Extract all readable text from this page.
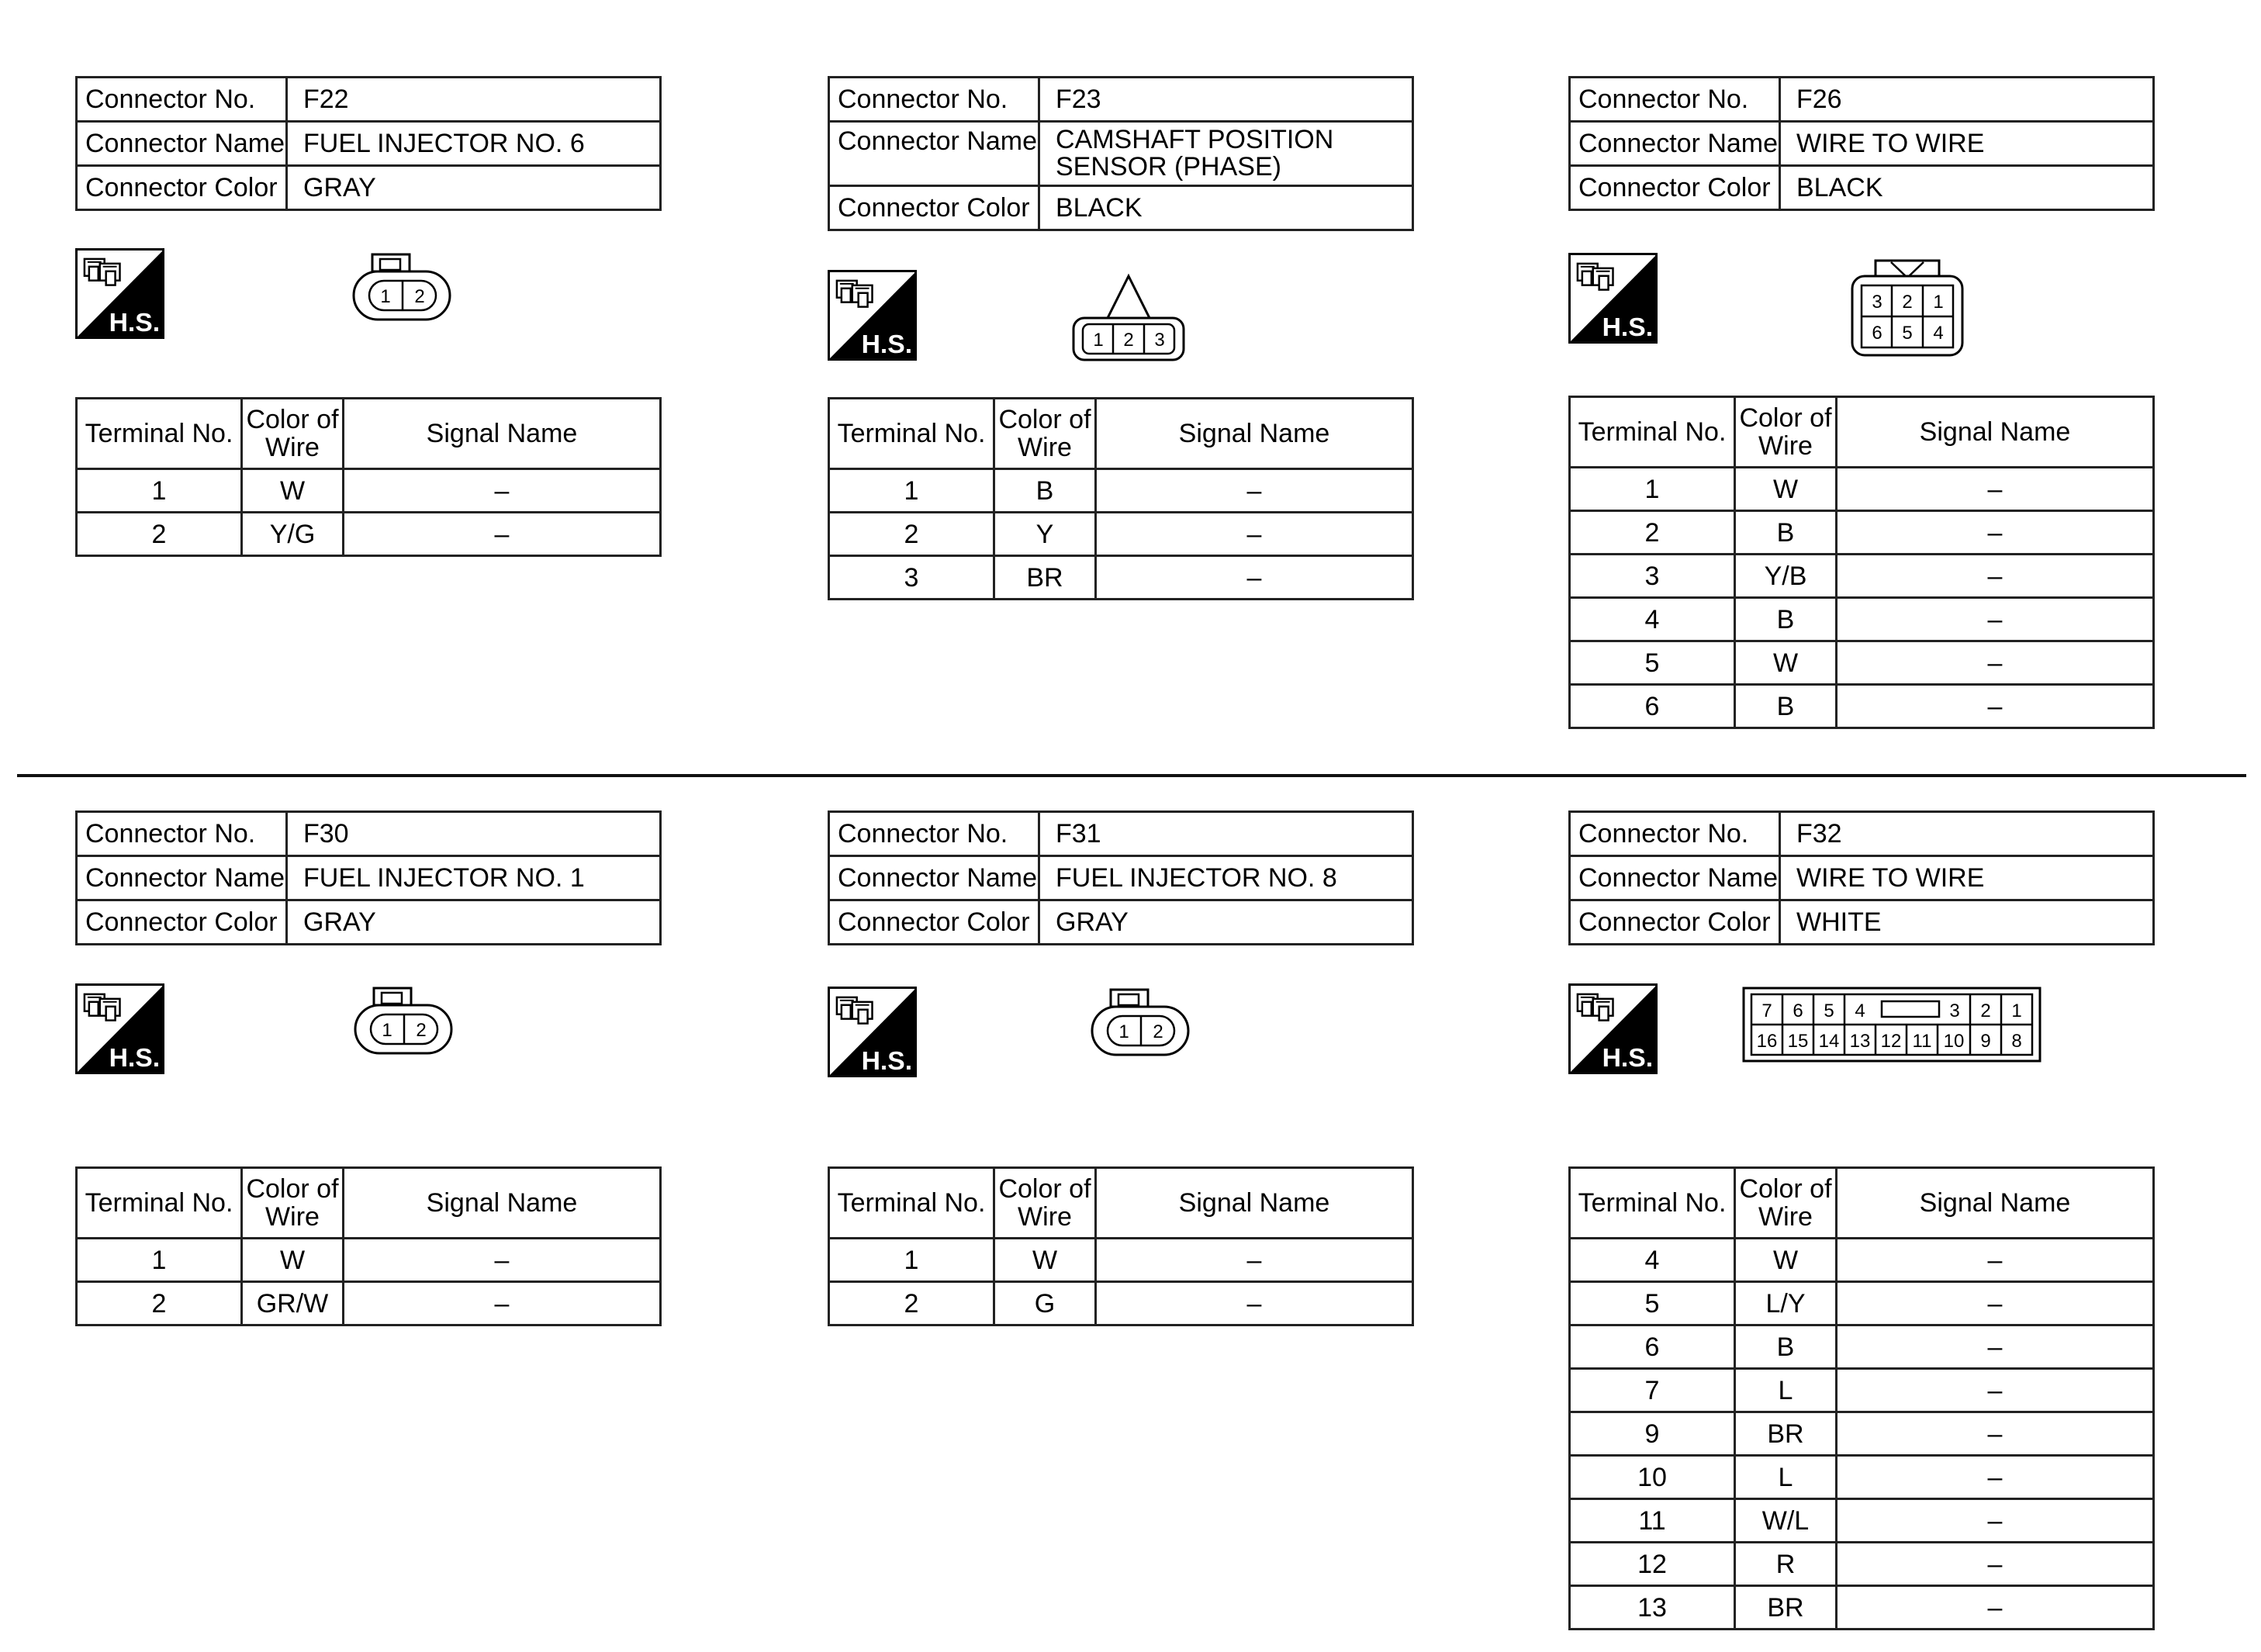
Connector No.	F22
Connector Name	FUEL INJECTOR NO. 6
Connector Color	GRAY
H.S.
1 2
Terminal No.	Color of Wire	Signal Name
1	W	–
2	Y/G	–
Connector No.	F23
Connector Name	CAMSHAFT POSITION SENSOR (PHASE)
Connector Color	BLACK
H.S.	1 2 3
Terminal No.	Color of Wire	Signal Name
1	B	–
2	Y	–
3	BR	–
Connector No.	F26
Connector Name	WIRE TO WIRE
Connector Color	BLACK
H.S.
3 2 1
6 5 4
Terminal No.	Color of Wire	Signal Name
1	W	–
2	B	–
3	Y/B	–
4	B	–
5	W	–
6	B	–
Connector No.	F30
Connector Name	FUEL INJECTOR NO. 1
Connector Color	GRAY
H.S.
1 2
Terminal No.	Color of Wire	Signal Name
1	W	–
2	GR/W	–
Connector No.	F31
Connector Name	FUEL INJECTOR NO. 8
Connector Color	GRAY
H.S.
1 2
Terminal No.	Color of Wire	Signal Name
1	W	–
2	G	–
Connector No.	F32
Connector Name	WIRE TO WIRE
Connector Color	WHITE
H.S.
7 6 5 4	3 2 1
16 15 14 13 12 11 10 9 8
Terminal No.	Color of Wire	Signal Name
4	W	–
5	L/Y	–
6	B	–
7	L	–
9	BR	–
10	L	–
11	W/L	–
12	R	–
13	BR	–
